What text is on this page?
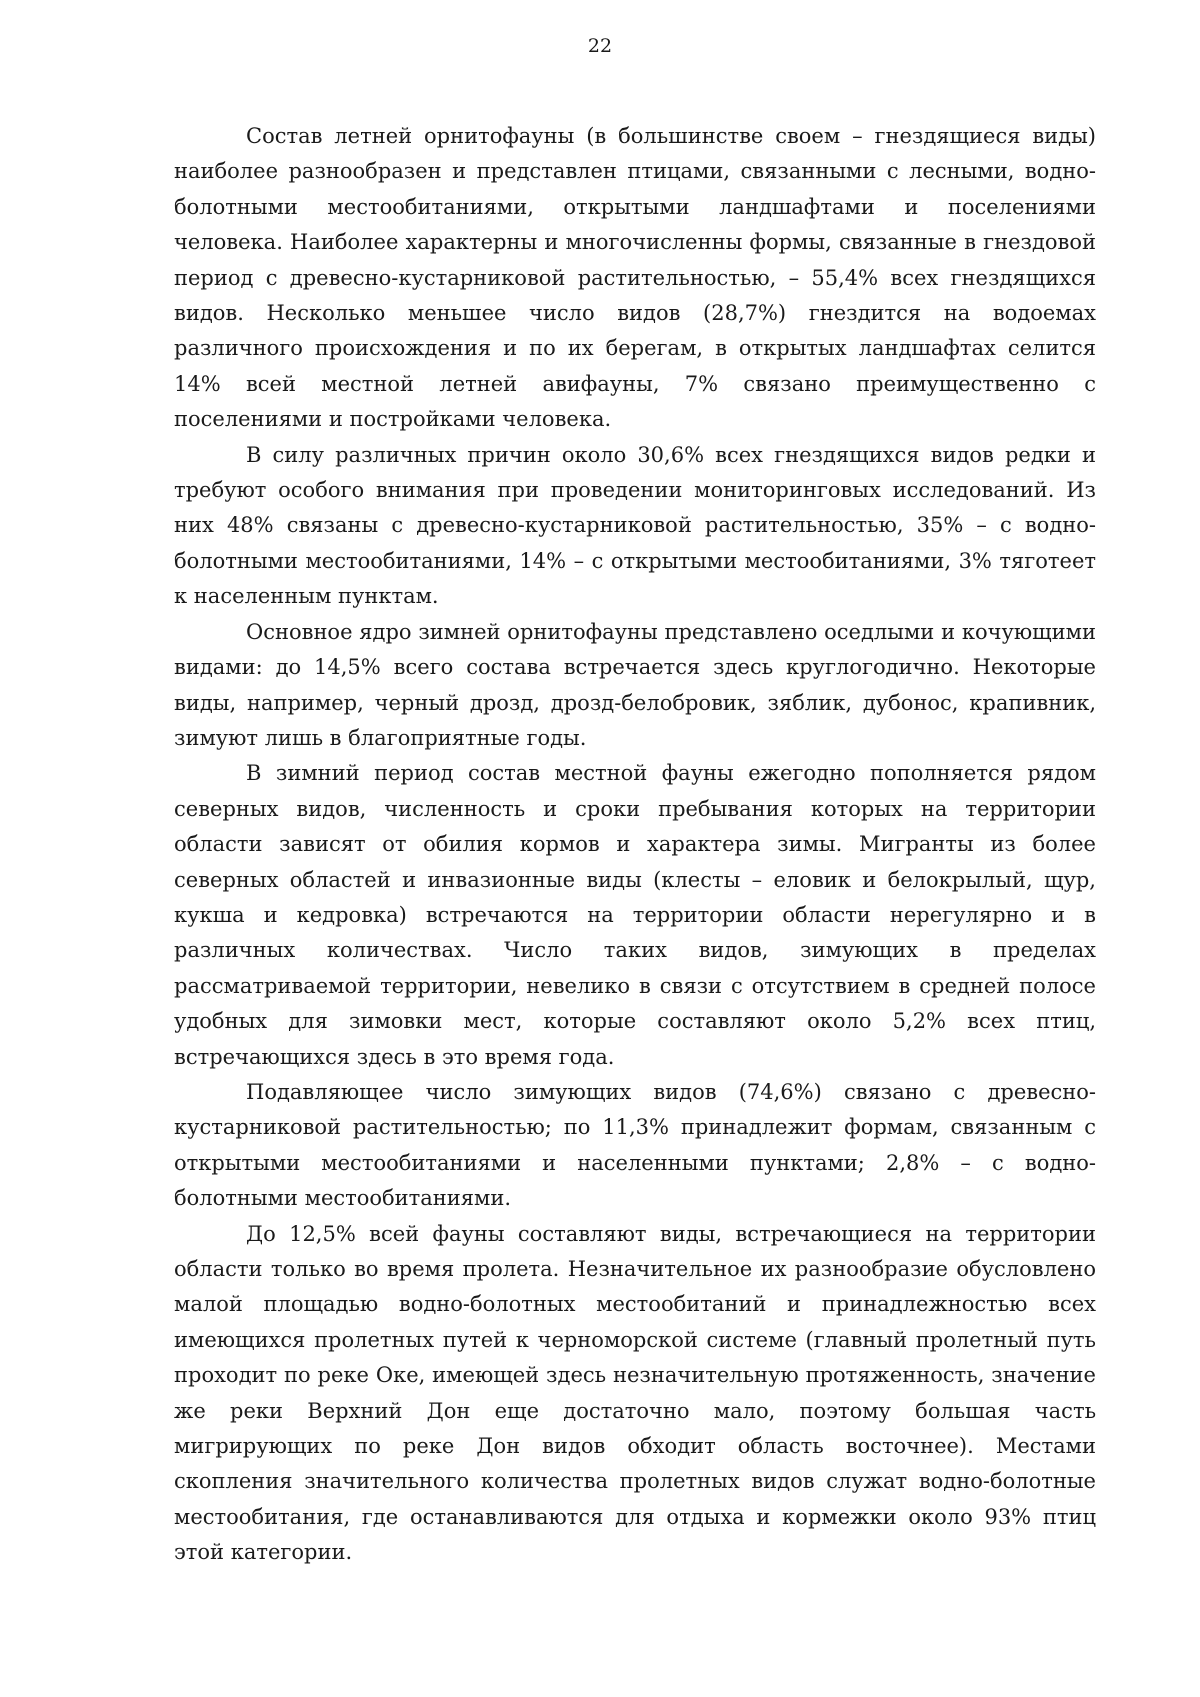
22

Состав летней орнитофауны (в большинстве своем – гнездящиеся виды) наиболее разнообразен и представлен птицами, связанными с лесными, водно-болотными местообитаниями, открытыми ландшафтами и поселениями человека. Наиболее характерны и многочисленны формы, связанные в гнездовой период с древесно-кустарниковой растительностью, – 55,4% всех гнездящихся видов. Несколько меньшее число видов (28,7%) гнездится на водоемах различного происхождения и по их берегам, в открытых ландшафтах селится 14% всей местной летней авифауны, 7% связано преимущественно с поселениями и постройками человека.

В силу различных причин около 30,6% всех гнездящихся видов редки и требуют особого внимания при проведении мониторинговых исследований. Из них 48% связаны с древесно-кустарниковой растительностью, 35% – с водно-болотными местообитаниями, 14% – с открытыми местообитаниями, 3% тяготеет к населенным пунктам.

Основное ядро зимней орнитофауны представлено оседлыми и кочующими видами: до 14,5% всего состава встречается здесь круглогодично. Некоторые виды, например, черный дрозд, дрозд-белобровик, зяблик, дубонос, крапивник, зимуют лишь в благоприятные годы.

В зимний период состав местной фауны ежегодно пополняется рядом северных видов, численность и сроки пребывания которых на территории области зависят от обилия кормов и характера зимы. Мигранты из более северных областей и инвазионные виды (клесты – еловик и белокрылый, щур, кукша и кедровка) встречаются на территории области нерегулярно и в различных количествах. Число таких видов, зимующих в пределах рассматриваемой территории, невелико в связи с отсутствием в средней полосе удобных для зимовки мест, которые составляют около 5,2% всех птиц, встречающихся здесь в это время года.

Подавляющее число зимующих видов (74,6%) связано с древесно-кустарниковой растительностью; по 11,3% принадлежит формам, связанным с открытыми местообитаниями и населенными пунктами; 2,8% – с водно-болотными местообитаниями.

До 12,5% всей фауны составляют виды, встречающиеся на территории области только во время пролета. Незначительное их разнообразие обусловлено малой площадью водно-болотных местообитаний и принадлежностью всех имеющихся пролетных путей к черноморской системе (главный пролетный путь проходит по реке Оке, имеющей здесь незначительную протяженность, значение же реки Верхний Дон еще достаточно мало, поэтому большая часть мигрирующих по реке Дон видов обходит область восточнее). Местами скопления значительного количества пролетных видов служат водно-болотные местообитания, где останавливаются для отдыха и кормежки около 93% птиц этой категории.
